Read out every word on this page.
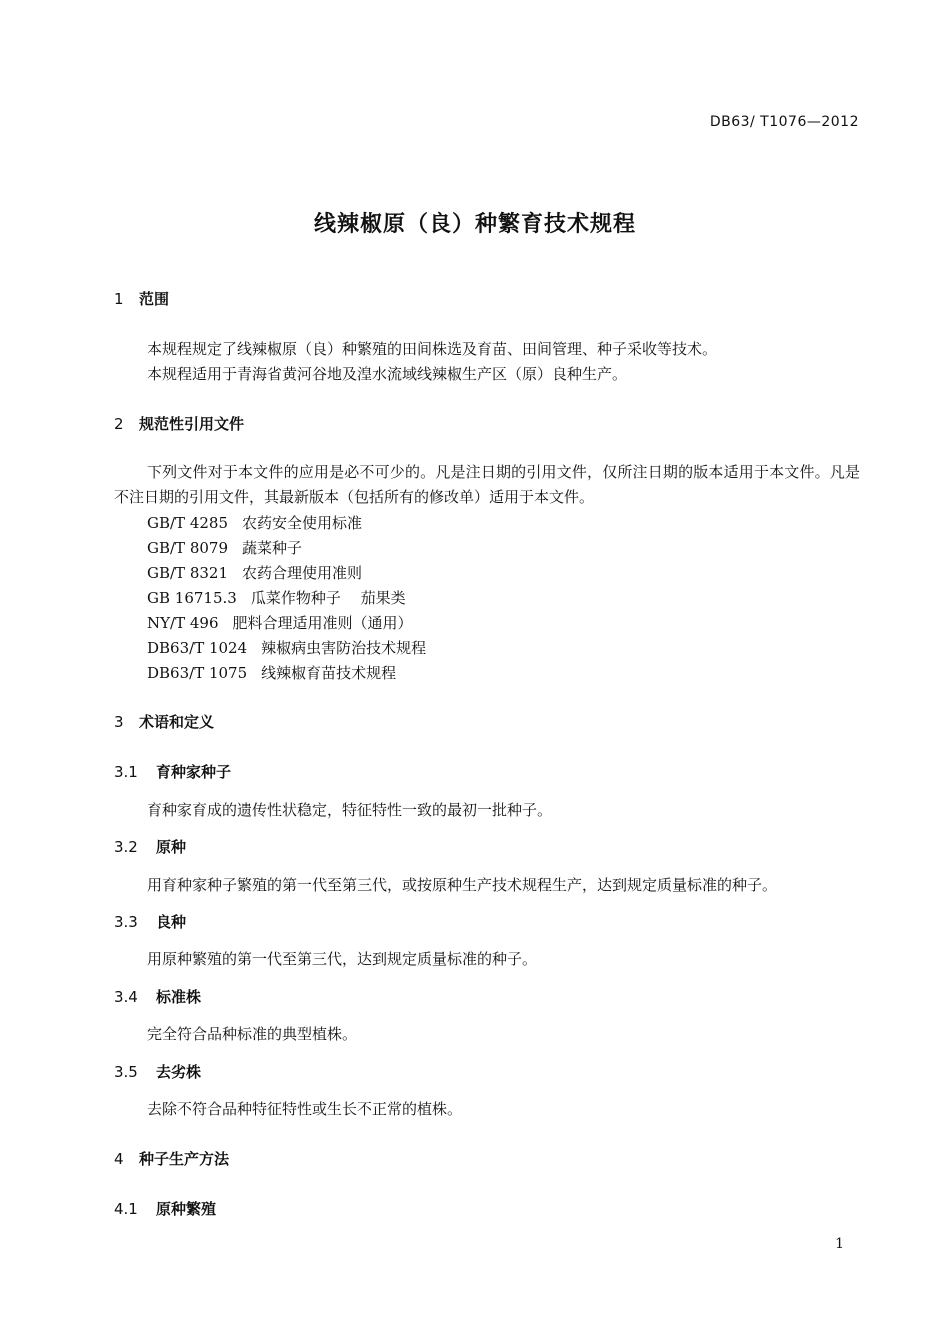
DB63/ T1076—2012
线辣椒原（良）种繁育技术规程
1 范围
本规程规定了线辣椒原（良）种繁殖的田间株选及育苗、田间管理、种子采收等技术。
本规程适用于青海省黄河谷地及湟水流域线辣椒生产区（原）良种生产。
2 规范性引用文件
下列文件对于本文件的应用是必不可少的。凡是注日期的引用文件，仅所注日期的版本适用于本文件。凡是不注日期的引用文件，其最新版本（包括所有的修改单）适用于本文件。
GB/T 4285 农药安全使用标准
GB/T 8079 蔬菜种子
GB/T 8321 农药合理使用准则
GB 16715.3 瓜菜作物种子　 茄果类
NY/T 496 肥料合理适用准则（通用）
DB63/T 1024 辣椒病虫害防治技术规程
DB63/T 1075 线辣椒育苗技术规程
3 术语和定义
3.1 育种家种子
育种家育成的遗传性状稳定，特征特性一致的最初一批种子。
3.2 原种
用育种家种子繁殖的第一代至第三代，或按原种生产技术规程生产，达到规定质量标准的种子。
3.3 良种
用原种繁殖的第一代至第三代，达到规定质量标准的种子。
3.4 标准株
完全符合品种标准的典型植株。
3.5 去劣株
去除不符合品种特征特性或生长不正常的植株。
4 种子生产方法
4.1 原种繁殖
1
